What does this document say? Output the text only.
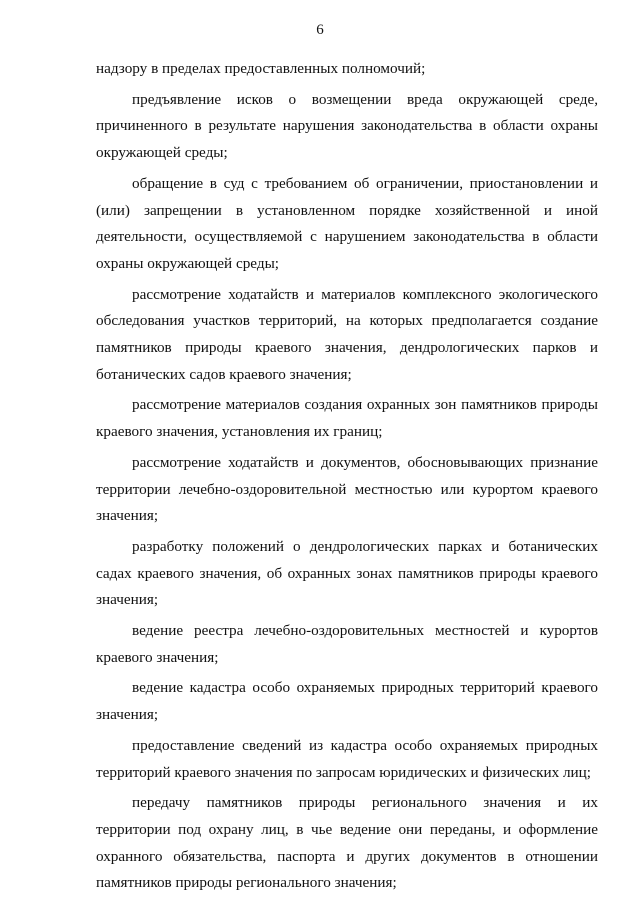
6

надзору в пределах предоставленных полномочий;

предъявление исков о возмещении вреда окружающей среде, причиненного в результате нарушения законодательства в области охраны окружающей среды;

обращение в суд с требованием об ограничении, приостановлении и (или) запрещении в установленном порядке хозяйственной и иной деятельности, осуществляемой с нарушением законодательства в области охраны окружающей среды;

рассмотрение ходатайств и материалов комплексного экологического обследования участков территорий, на которых предполагается создание памятников природы краевого значения, дендрологических парков и ботанических садов краевого значения;

рассмотрение материалов создания охранных зон памятников природы краевого значения, установления их границ;

рассмотрение ходатайств и документов, обосновывающих признание территории лечебно-оздоровительной местностью или курортом краевого значения;

разработку положений о дендрологических парках и ботанических садах краевого значения, об охранных зонах памятников природы краевого значения;

ведение реестра лечебно-оздоровительных местностей и курортов краевого значения;

ведение кадастра особо охраняемых природных территорий краевого значения;

предоставление сведений из кадастра особо охраняемых природных территорий краевого значения по запросам юридических и физических лиц;

передачу памятников природы регионального значения и их территории под охрану лиц, в чье ведение они переданы, и оформление охранного обязательства, паспорта и других документов в отношении памятников природы регионального значения;
